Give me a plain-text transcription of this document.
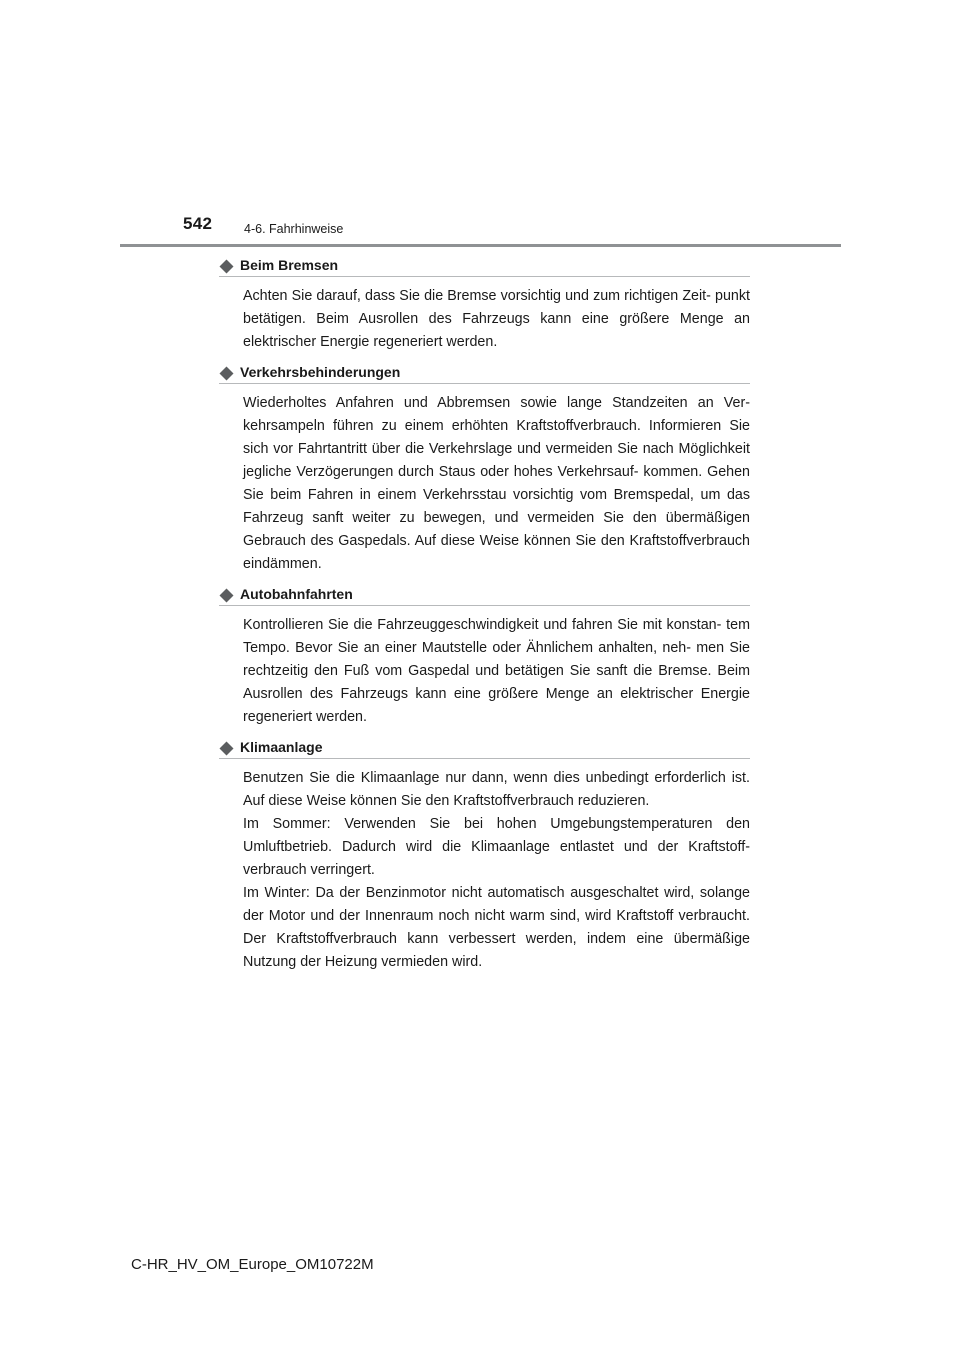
542	4-6. Fahrhinweise
Beim Bremsen

Achten Sie darauf, dass Sie die Bremse vorsichtig und zum richtigen Zeit- punkt betätigen. Beim Ausrollen des Fahrzeugs kann eine größere Menge an elektrischer Energie regeneriert werden.

Verkehrsbehinderungen

Wiederholtes Anfahren und Abbremsen sowie lange Standzeiten an Ver- kehrsampeln führen zu einem erhöhten Kraftstoffverbrauch. Informieren Sie sich vor Fahrtantritt über die Verkehrslage und vermeiden Sie nach Möglichkeit jegliche Verzögerungen durch Staus oder hohes Verkehrsauf- kommen. Gehen Sie beim Fahren in einem Verkehrsstau vorsichtig vom Bremspedal, um das Fahrzeug sanft weiter zu bewegen, und vermeiden Sie den übermäßigen Gebrauch des Gaspedals. Auf diese Weise können Sie den Kraftstoffverbrauch eindämmen.

Autobahnfahrten

Kontrollieren Sie die Fahrzeuggeschwindigkeit und fahren Sie mit konstan- tem Tempo. Bevor Sie an einer Mautstelle oder Ähnlichem anhalten, neh- men Sie rechtzeitig den Fuß vom Gaspedal und betätigen Sie sanft die Bremse. Beim Ausrollen des Fahrzeugs kann eine größere Menge an elektrischer Energie regeneriert werden.

Klimaanlage

Benutzen Sie die Klimaanlage nur dann, wenn dies unbedingt erforderlich ist. Auf diese Weise können Sie den Kraftstoffverbrauch reduzieren.

Im Sommer: Verwenden Sie bei hohen Umgebungstemperaturen den Umluftbetrieb. Dadurch wird die Klimaanlage entlastet und der Kraftstoff- verbrauch verringert.

Im Winter: Da der Benzinmotor nicht automatisch ausgeschaltet wird, solange der Motor und der Innenraum noch nicht warm sind, wird Kraftstoff verbraucht. Der Kraftstoffverbrauch kann verbessert werden, indem eine übermäßige Nutzung der Heizung vermieden wird.

C-HR_HV_OM_Europe_OM10722M
